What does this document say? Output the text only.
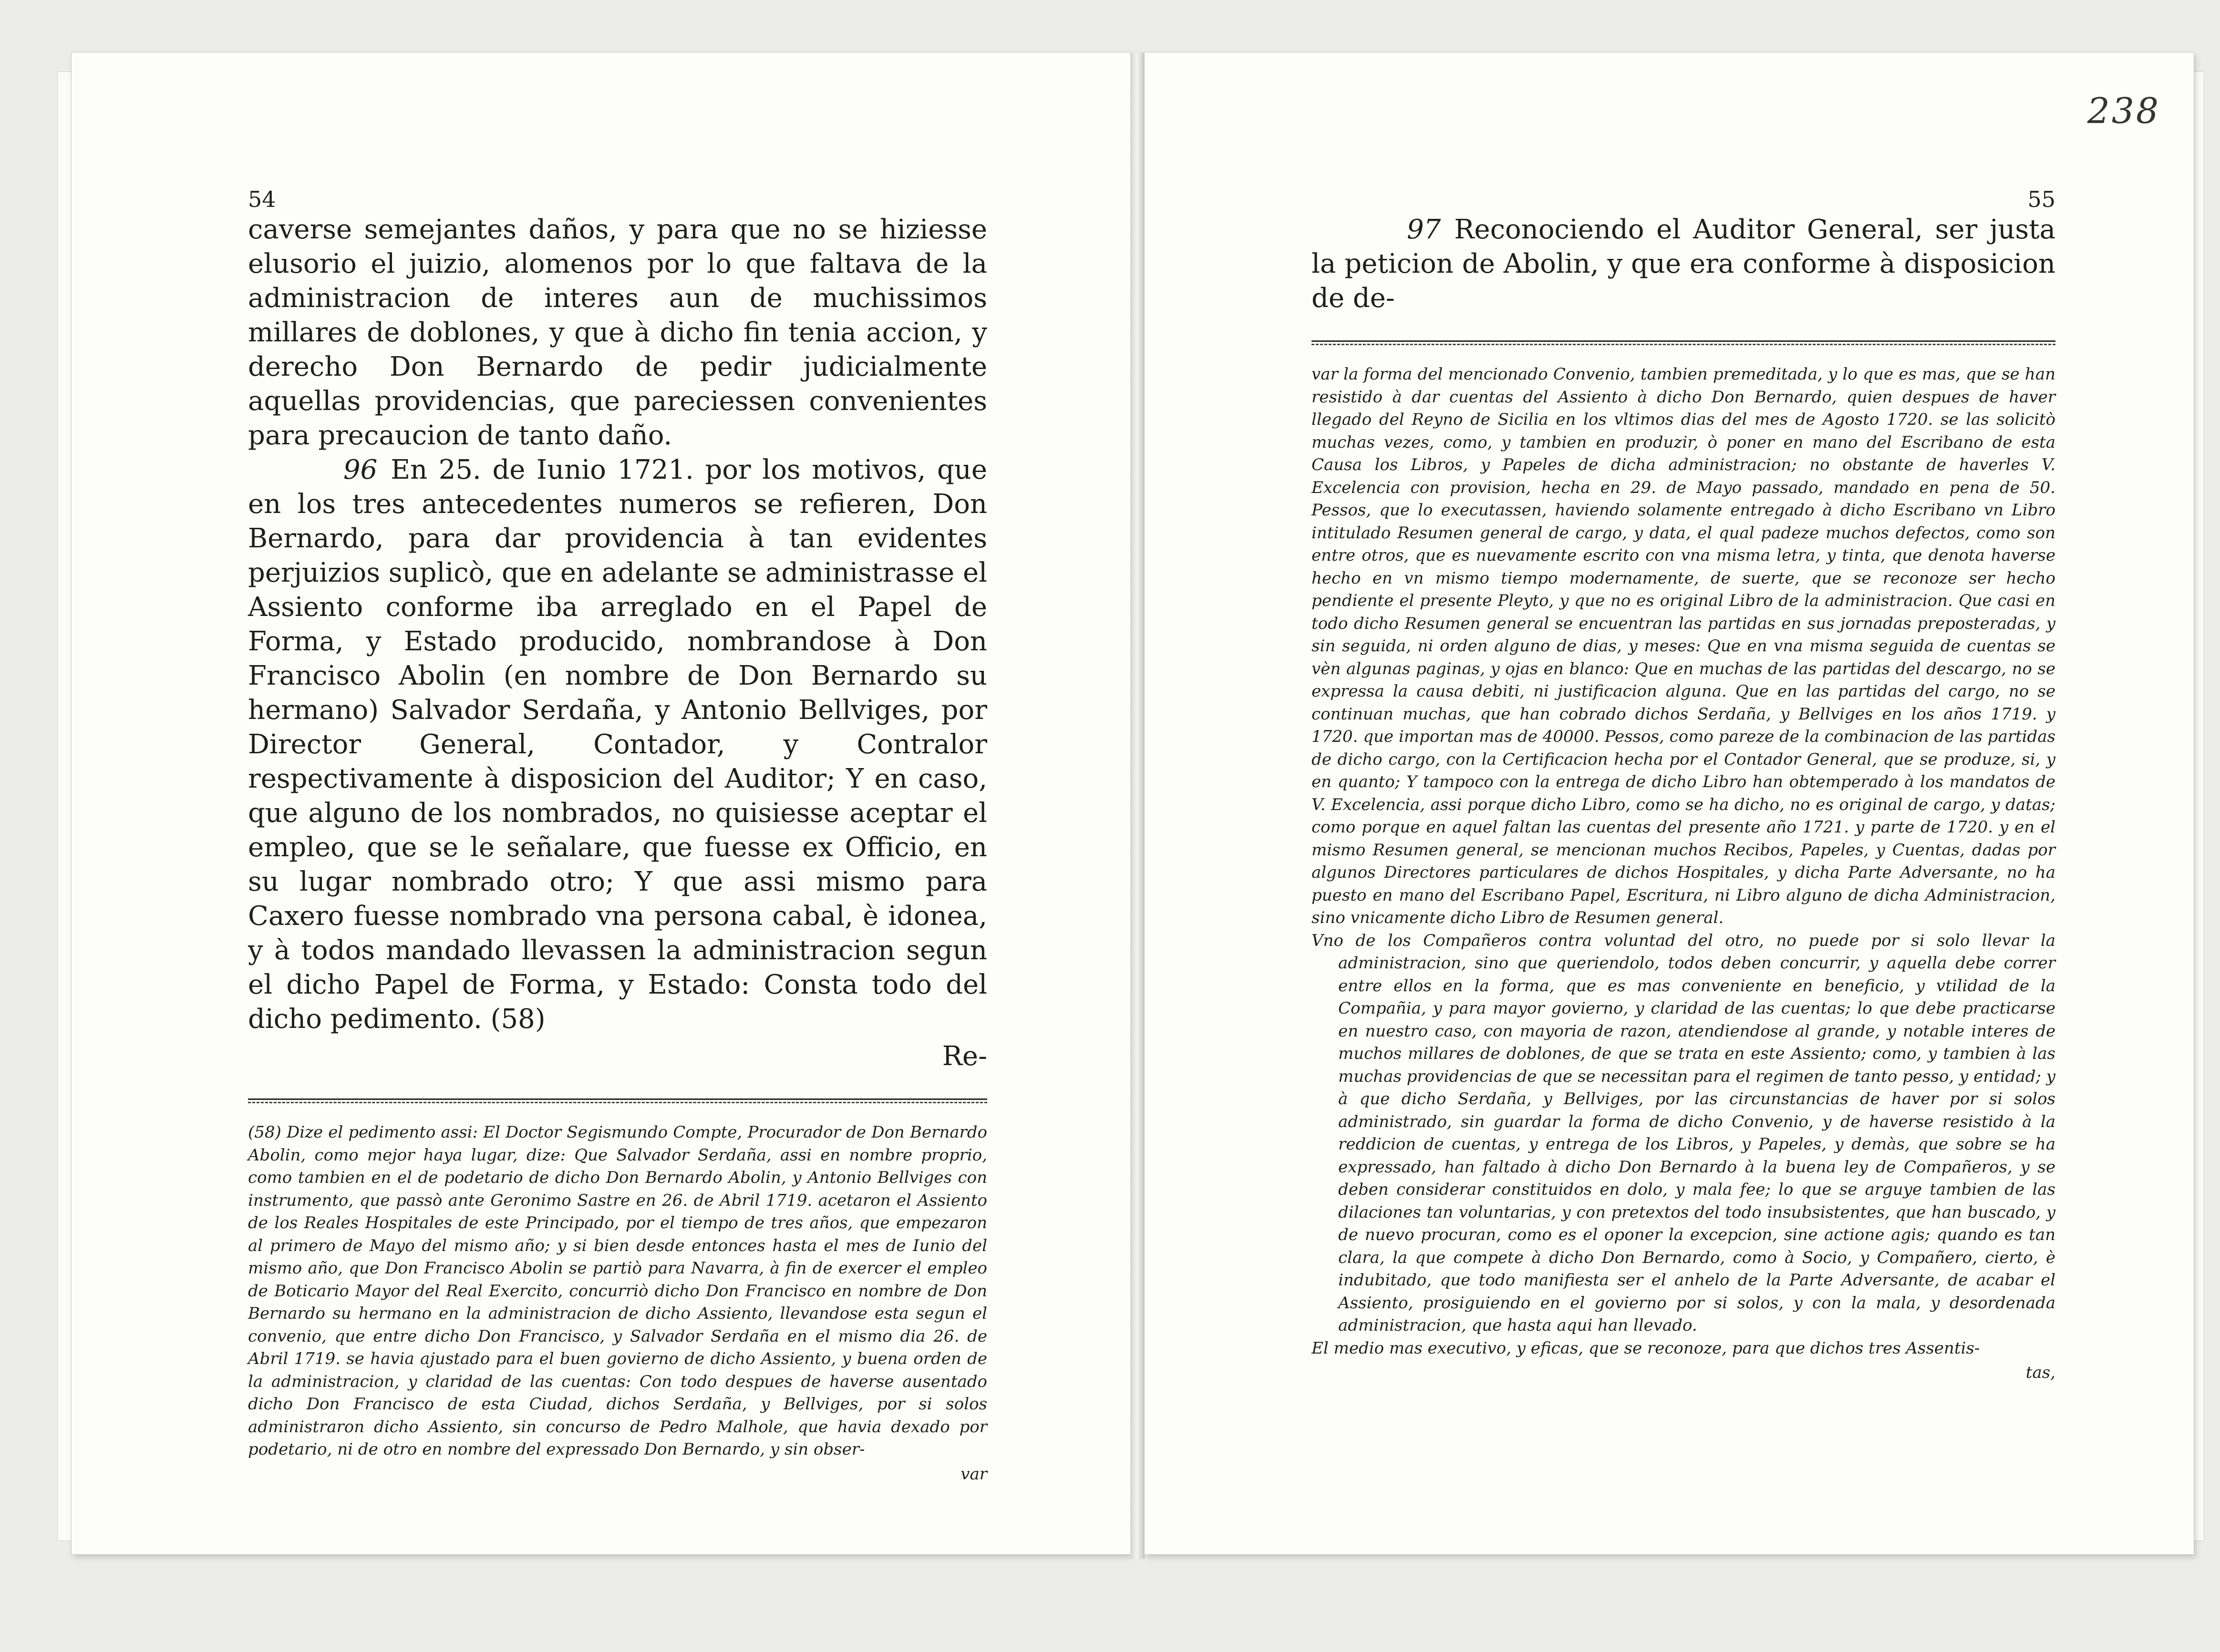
54

caverse semejantes daños, y para que no se hiziesse elusorio el juizio, alomenos por lo que faltava de la administracion de interes aun de muchissimos millares de doblones, y que à dicho fin tenia accion, y derecho Don Bernardo de pedir judicialmente aquellas providencias, que pareciessen convenientes para precaucion de tanto daño.

96 En 25. de Iunio 1721. por los motivos, que en los tres antecedentes numeros se refieren, Don Bernardo, para dar providencia à tan evidentes perjuizios suplicò, que en adelante se administrasse el Assiento conforme iba arreglado en el Papel de Forma, y Estado producido, nombrandose à Don Francisco Abolin (en nombre de Don Bernardo su hermano) Salvador Serdaña, y Antonio Bellviges, por Director General, Contador, y Contralor respectivamente à disposicion del Auditor; Y en caso, que alguno de los nombrados, no quisiesse aceptar el empleo, que se le señalare, que fuesse ex Officio, en su lugar nombrado otro; Y que assi mismo para Caxero fuesse nombrado vna persona cabal, è idonea, y à todos mandado llevassen la administracion segun el dicho Papel de Forma, y Estado: Consta todo del dicho pedimento. (58)

Re-

(58) Dize el pedimento assi: El Doctor Segismundo Compte, Procurador de Don Bernardo Abolin, como mejor haya lugar, dize: Que Salvador Serdaña, assi en nombre proprio, como tambien en el de podetario de dicho Don Bernardo Abolin, y Antonio Bellviges con instrumento, que passò ante Geronimo Sastre en 26. de Abril 1719. acetaron el Assiento de los Reales Hospitales de este Principado, por el tiempo de tres años, que empezaron al primero de Mayo del mismo año; y si bien desde entonces hasta el mes de Iunio del mismo año, que Don Francisco Abolin se partiò para Navarra, à fin de exercer el empleo de Boticario Mayor del Real Exercito, concurriò dicho Don Francisco en nombre de Don Bernardo su hermano en la administracion de dicho Assiento, llevandose esta segun el convenio, que entre dicho Don Francisco, y Salvador Serdaña en el mismo dia 26. de Abril 1719. se havia ajustado para el buen govierno de dicho Assiento, y buena orden de la administracion, y claridad de las cuentas: Con todo despues de haverse ausentado dicho Don Francisco de esta Ciudad, dichos Serdaña, y Bellviges, por si solos administraron dicho Assiento, sin concurso de Pedro Malhole, que havia dexado por podetario, ni de otro en nombre del expressado Don Bernardo, y sin obser-

var
238
55

97 Reconociendo el Auditor General, ser justa la peticion de Abolin, y que era conforme à disposicion de de-

var la forma del mencionado Convenio, tambien premeditada, y lo que es mas, que se han resistido à dar cuentas del Assiento à dicho Don Bernardo, quien despues de haver llegado del Reyno de Sicilia en los vltimos dias del mes de Agosto 1720. se las solicitò muchas vezes, como, y tambien en produzir, ò poner en mano del Escribano de esta Causa los Libros, y Papeles de dicha administracion; no obstante de haverles V. Excelencia con provision, hecha en 29. de Mayo passado, mandado en pena de 50. Pessos, que lo executassen, haviendo solamente entregado à dicho Escribano vn Libro intitulado Resumen general de cargo, y data, el qual padeze muchos defectos, como son entre otros, que es nuevamente escrito con vna misma letra, y tinta, que denota haverse hecho en vn mismo tiempo modernamente, de suerte, que se reconoze ser hecho pendiente el presente Pleyto, y que no es original Libro de la administracion. Que casi en todo dicho Resumen general se encuentran las partidas en sus jornadas preposteradas, y sin seguida, ni orden alguno de dias, y meses: Que en vna misma seguida de cuentas se vèn algunas paginas, y ojas en blanco: Que en muchas de las partidas del descargo, no se expressa la causa debiti, ni justificacion alguna. Que en las partidas del cargo, no se continuan muchas, que han cobrado dichos Serdaña, y Bellviges en los años 1719. y 1720. que importan mas de 40000. Pessos, como pareze de la combinacion de las partidas de dicho cargo, con la Certificacion hecha por el Contador General, que se produze, si, y en quanto; Y tampoco con la entrega de dicho Libro han obtemperado à los mandatos de V. Excelencia, assi porque dicho Libro, como se ha dicho, no es original de cargo, y datas; como porque en aquel faltan las cuentas del presente año 1721. y parte de 1720. y en el mismo Resumen general, se mencionan muchos Recibos, Papeles, y Cuentas, dadas por algunos Directores particulares de dichos Hospitales, y dicha Parte Adversante, no ha puesto en mano del Escribano Papel, Escritura, ni Libro alguno de dicha Administracion, sino vnicamente dicho Libro de Resumen general.

Vno de los Compañeros contra voluntad del otro, no puede por si solo llevar la administracion, sino que queriendolo, todos deben concurrir, y aquella debe correr entre ellos en la forma, que es mas conveniente en beneficio, y vtilidad de la Compañia, y para mayor govierno, y claridad de las cuentas; lo que debe practicarse en nuestro caso, con mayoria de razon, atendiendose al grande, y notable interes de muchos millares de doblones, de que se trata en este Assiento; como, y tambien à las muchas providencias de que se necessitan para el regimen de tanto pesso, y entidad; y à que dicho Serdaña, y Bellviges, por las circunstancias de haver por si solos administrado, sin guardar la forma de dicho Convenio, y de haverse resistido à la reddicion de cuentas, y entrega de los Libros, y Papeles, y demàs, que sobre se ha expressado, han faltado à dicho Don Bernardo à la buena ley de Compañeros, y se deben considerar constituidos en dolo, y mala fee; lo que se arguye tambien de las dilaciones tan voluntarias, y con pretextos del todo insubsistentes, que han buscado, y de nuevo procuran, como es el oponer la excepcion, sine actione agis; quando es tan clara, la que compete à dicho Don Bernardo, como à Socio, y Compañero, cierto, è indubitado, que todo manifiesta ser el anhelo de la Parte Adversante, de acabar el Assiento, prosiguiendo en el govierno por si solos, y con la mala, y desordenada administracion, que hasta aqui han llevado.

El medio mas executivo, y eficas, que se reconoze, para que dichos tres Assentis-

tas,
